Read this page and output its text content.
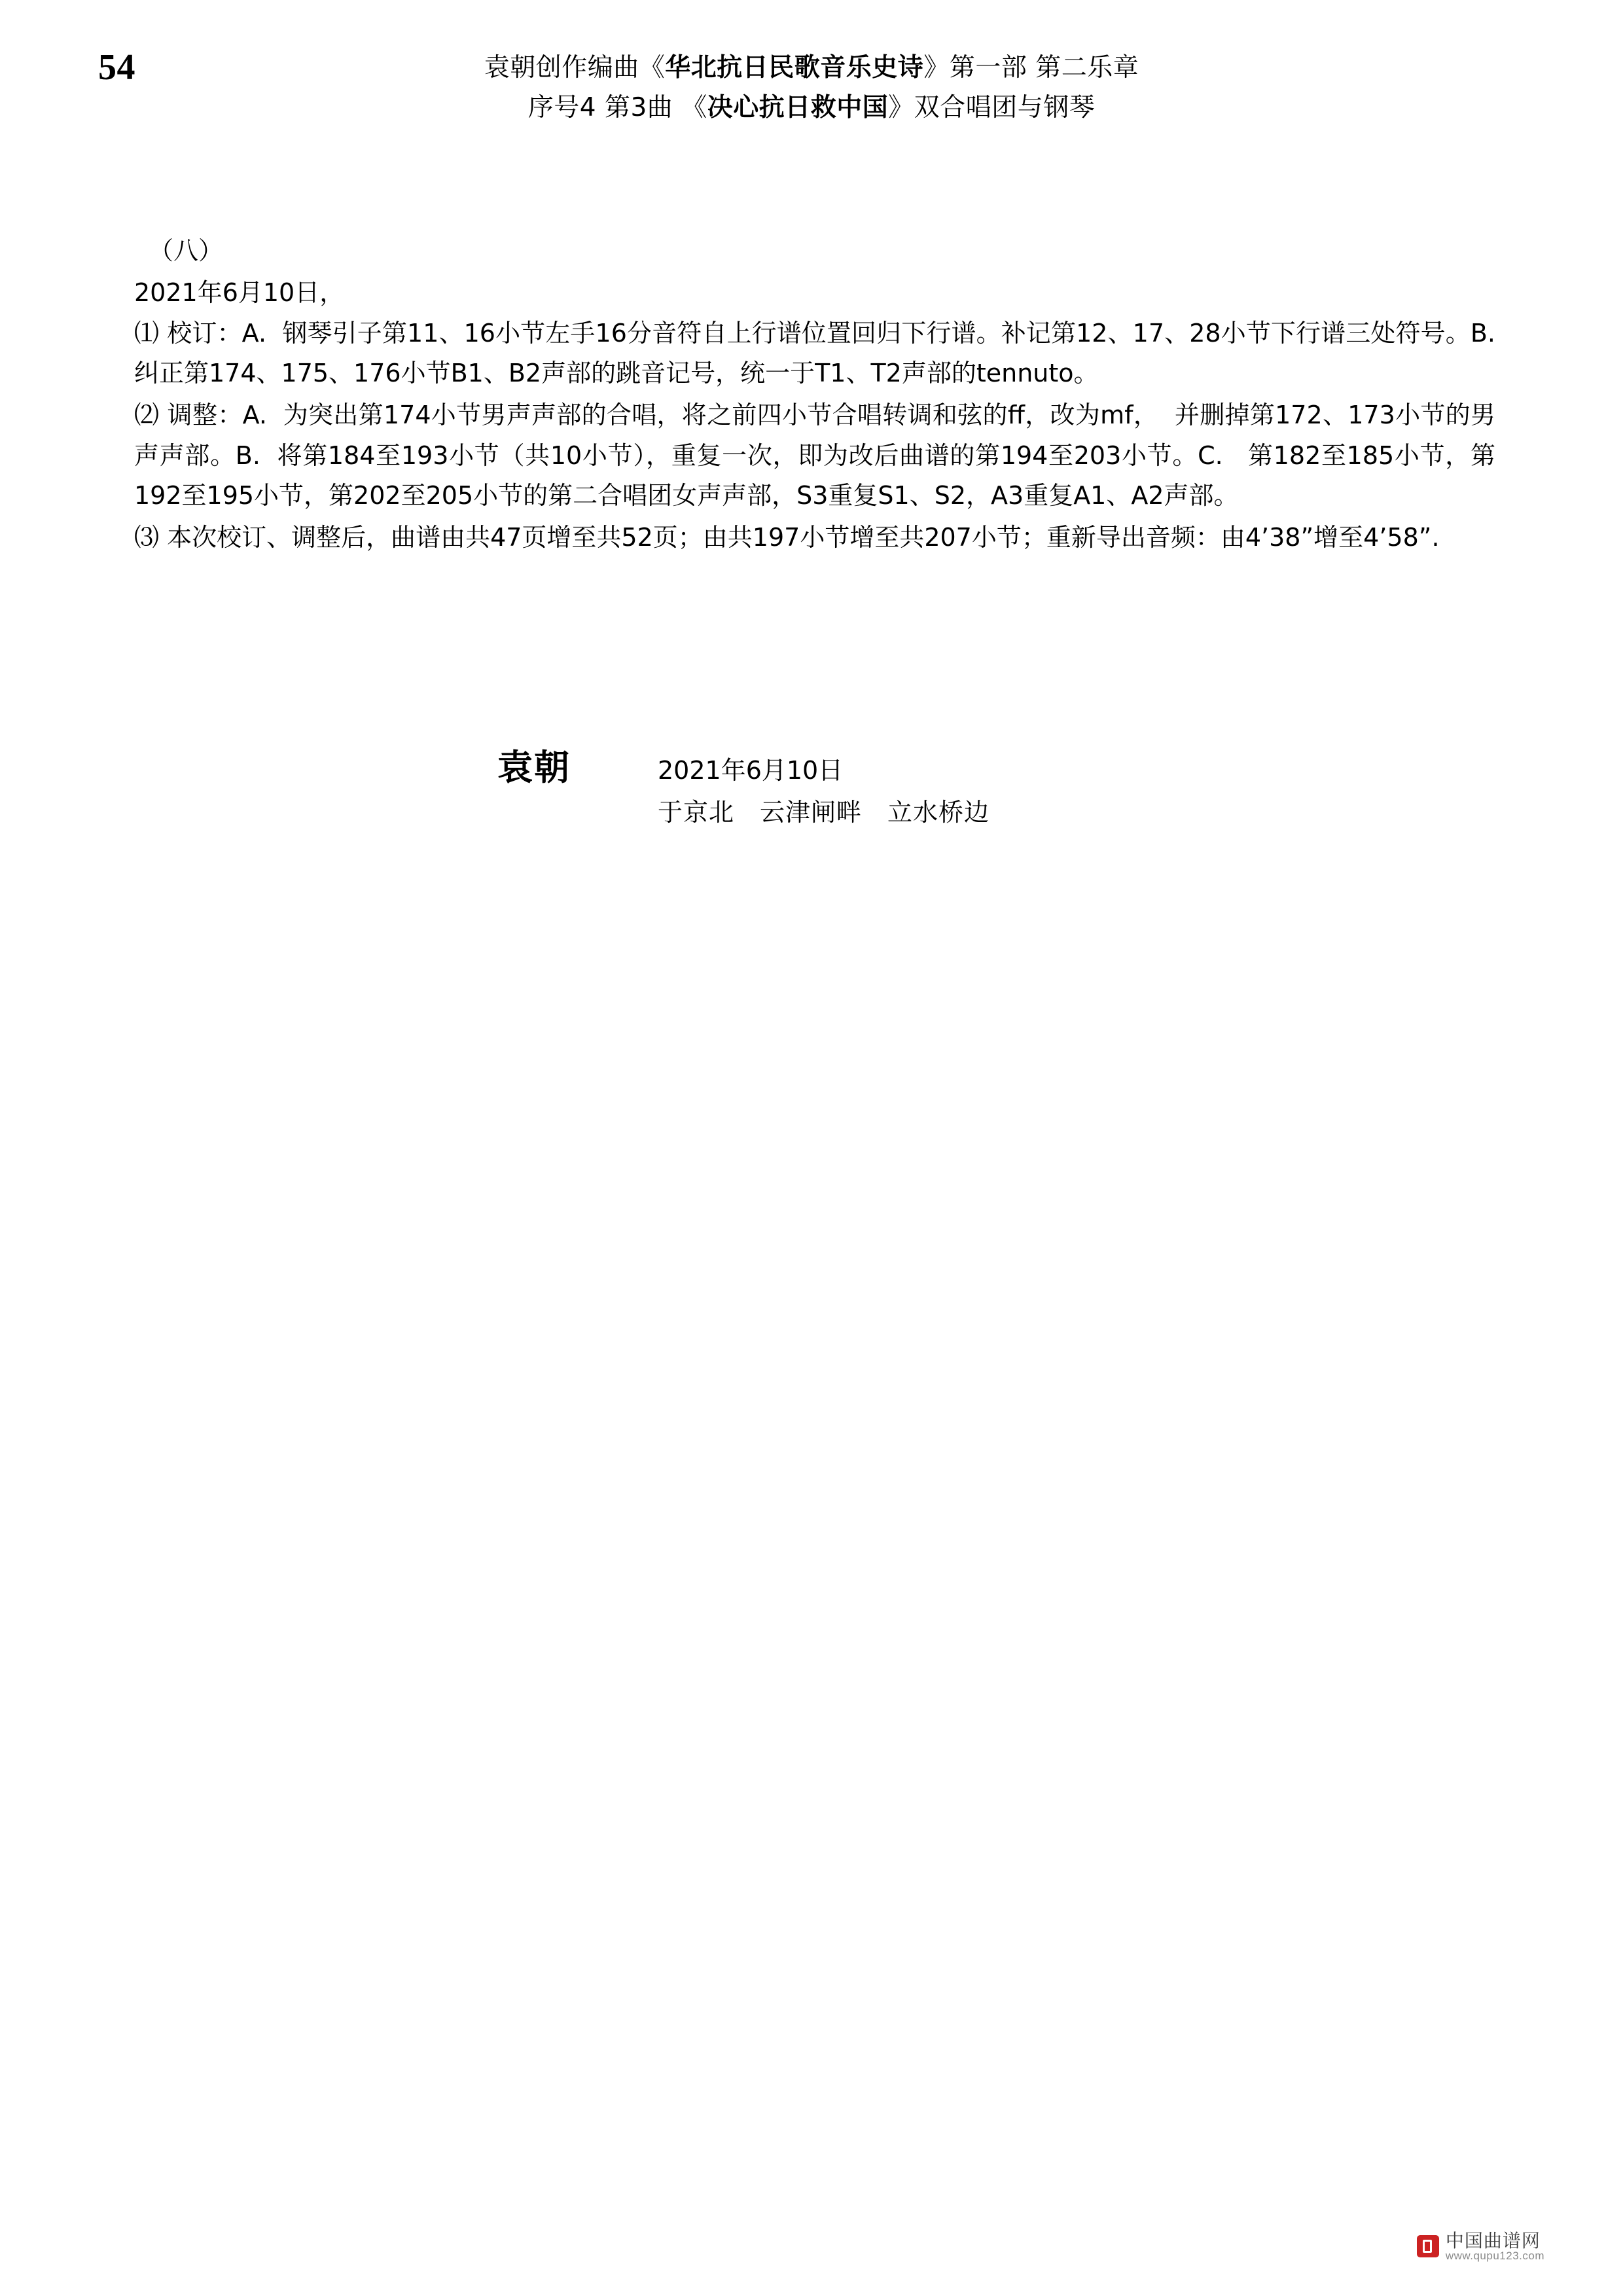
54	袁朝创作编曲《华北抗日民歌音乐史诗》第一部 第二乐章
序号4 第3曲 《决心抗日救中国》双合唱团与钢琴
（八）
2021年6月10日，
⑴ 校订：A.  钢琴引子第11、16小节左手16分音符自上行谱位置回归下行谱。补记第12、17、28小节下行谱三处符号。B.  纠正第174、175、176小节B1、B2声部的跳音记号，统一于T1、T2声部的tennuto。
⑵ 调整：A.  为突出第174小节男声声部的合唱，将之前四小节合唱转调和弦的ff，改为mf，  并删掉第172、173小节的男声声部。B.  将第184至193小节（共10小节），重复一次，即为改后曲谱的第194至203小节。C.   第182至185小节，第192至195小节，第202至205小节的第二合唱团女声声部，S3重复S1、S2，A3重复A1、A2声部。
⑶ 本次校订、调整后，曲谱由共47页增至共52页；由共197小节增至共207小节；重新导出音频：由4’38”增至4’58”.
袁朝	2021年6月10日
于京北　云津闸畔　立水桥边
中国曲谱网
www.qupu123.com
